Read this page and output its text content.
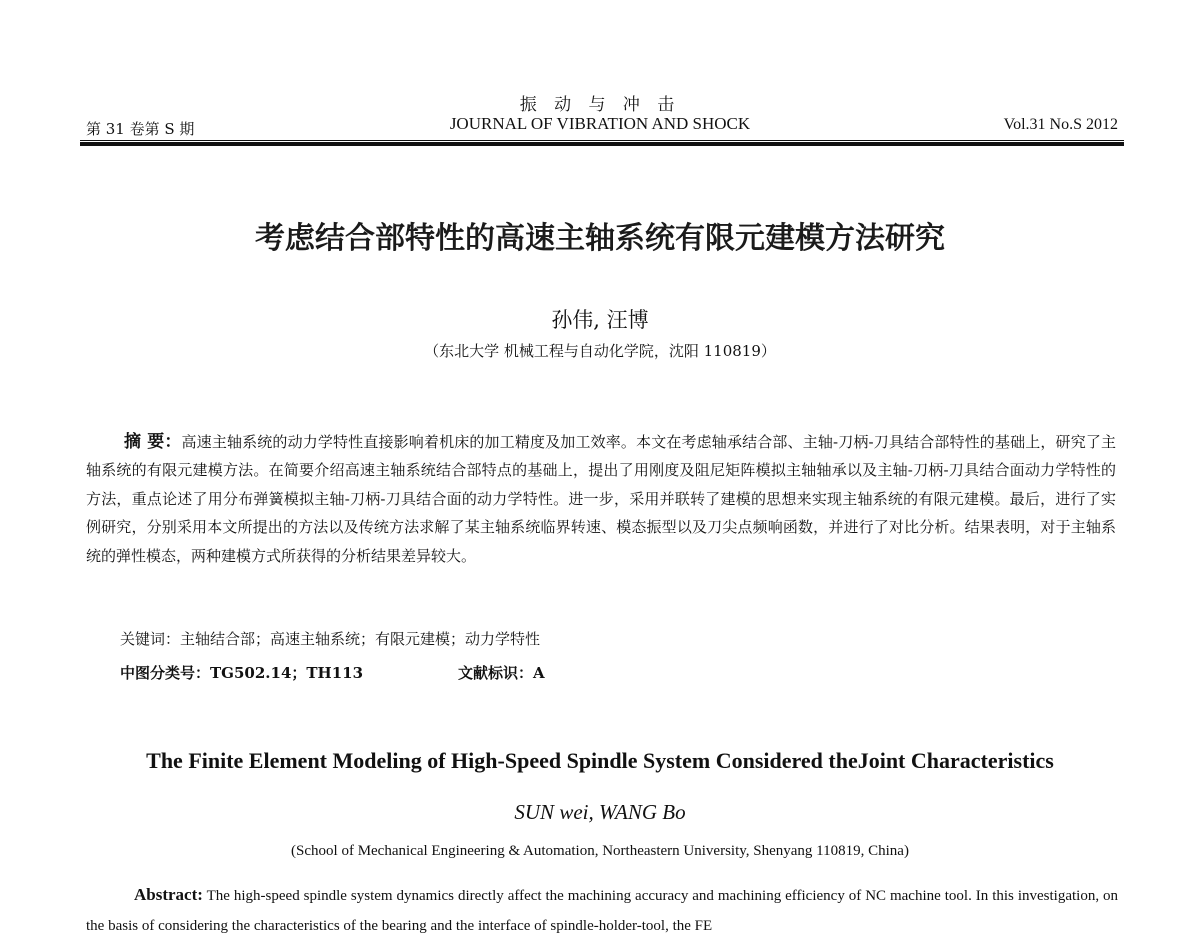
第 31 卷第 S 期
振 动 与 冲 击
JOURNAL OF VIBRATION AND SHOCK	Vol.31 No.S 2012
考虑结合部特性的高速主轴系统有限元建模方法研究
孙伟, 汪博
（东北大学 机械工程与自动化学院，沈阳 110819）
摘 要：高速主轴系统的动力学特性直接影响着机床的加工精度及加工效率。本文在考虑轴承结合部、主轴-刀柄-刀具结合部特性的基础上，研究了主轴系统的有限元建模方法。在简要介绍高速主轴系统结合部特点的基础上，提出了用刚度及阻尼矩阵模拟主轴轴承以及主轴-刀柄-刀具结合面动力学特性的方法，重点论述了用分布弹簧模拟主轴-刀柄-刀具结合面的动力学特性。进一步，采用并联转了建模的思想来实现主轴系统的有限元建模。最后，进行了实例研究，分别采用本文所提出的方法以及传统方法求解了某主轴系统临界转速、模态振型以及刀尖点频响函数，并进行了对比分析。结果表明，对于主轴系统的弹性模态，两种建模方式所获得的分析结果差异较大。
关键词：主轴结合部；高速主轴系统；有限元建模；动力学特性
中图分类号：TG502.14；TH113	文献标识：A
The Finite Element Modeling of High-Speed Spindle System Considered theJoint Characteristics
SUN wei, WANG Bo
(School of Mechanical Engineering & Automation, Northeastern University, Shenyang 110819, China)
Abstract: The high-speed spindle system dynamics directly affect the machining accuracy and machining efficiency of NC machine tool. In this investigation, on the basis of considering the characteristics of the bearing and the interface of spindle-holder-tool, the FE
